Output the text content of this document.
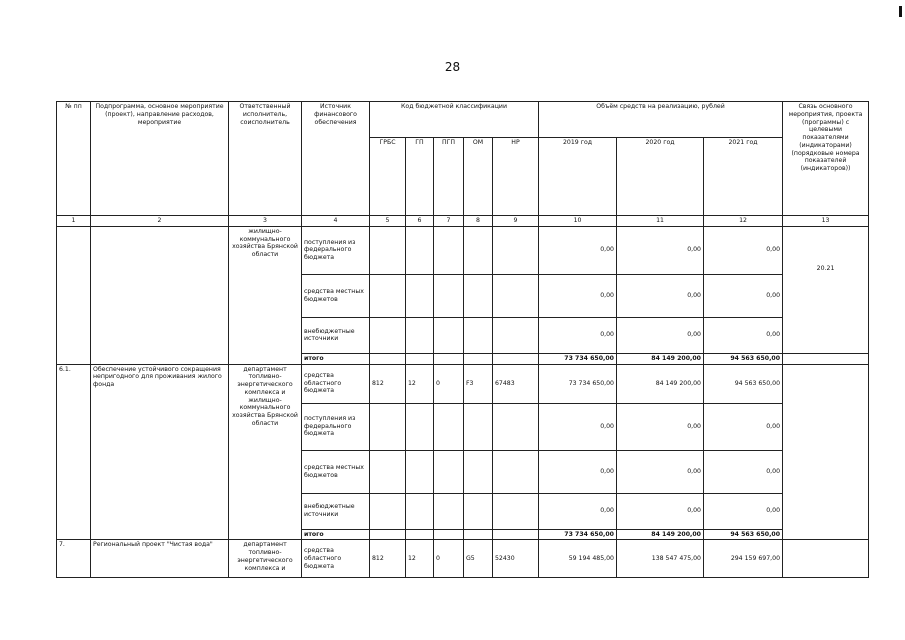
28
№ пп	Подпрограмма, основное мероприятие (проект), направление расходов, мероприятие	Ответственный исполнитель, соисполнитель	Источник финансового обеспечения	Код бюджетной классификации					Объём средств на реализацию, рублей			Связь основного мероприятия, проекта (программы) с целевыми показателями (индикаторами) (порядковые номера показателей (индикаторов))
				ГРБС	ГП	ПГП	ОМ	НР	2019 год	2020 год	2021 год	
1	2	3	4	5	6	7	8	9	10	11	12	13
		жилищно-коммунального хозяйства Брянской области	поступления из федерального бюджета						0,00	0,00	0,00	20.21
			средства местных бюджетов						0,00	0,00	0,00	
			внебюджетные источники						0,00	0,00	0,00	
			итого						73 734 650,00	84 149 200,00	94 563 650,00	
6.1.	Обеспечение устойчивого сокращения непригодного для проживания жилого фонда	департамент топливно-энергетического комплекса и жилищно-коммунального хозяйства Брянской области	средства областного бюджета	812	12	0	F3	67483	73 734 650,00	84 149 200,00	94 563 650,00	
			поступления из федерального бюджета						0,00	0,00	0,00	
			средства местных бюджетов						0,00	0,00	0,00	
			внебюджетные источники						0,00	0,00	0,00	
			итого						73 734 650,00	84 149 200,00	94 563 650,00	
7.	Региональный проект "Чистая вода"	департамент топливно-энергетического комплекса и	средства областного бюджета	812	12	0	G5	52430	59 194 485,00	138 547 475,00	294 159 697,00	
